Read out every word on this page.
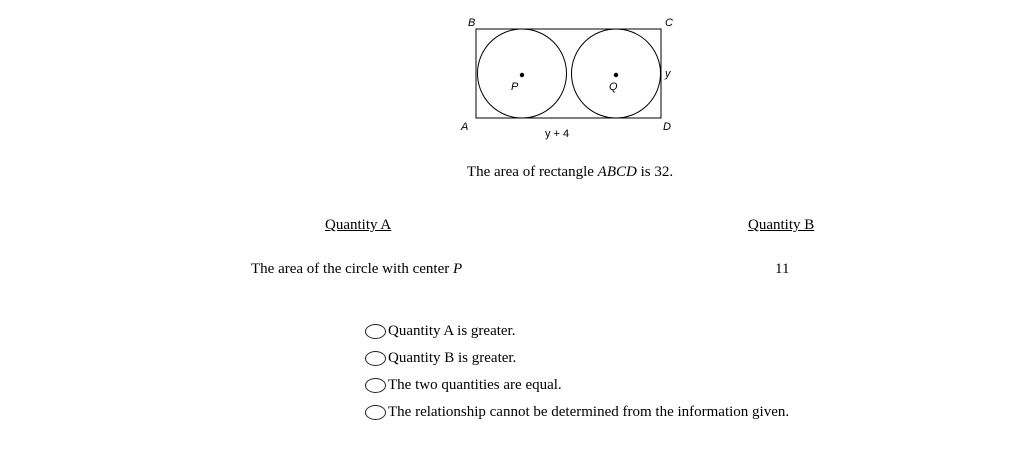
B	C
A	D
P	Q
y
y + 4
The area of rectangle ABCD is 32.
Quantity A	Quantity B
The area of the circle with center P	11
Quantity A is greater.
Quantity B is greater.
The two quantities are equal.
The relationship cannot be determined from the information given.
